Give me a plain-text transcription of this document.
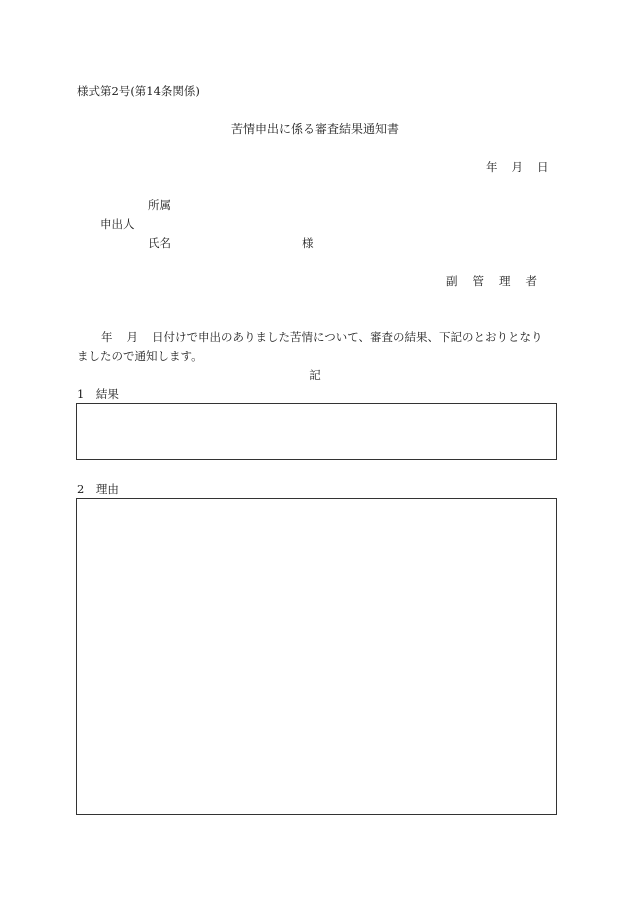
様式第2号(第14条関係)
苦情申出に係る審査結果通知書
年 月 日
所属
申出人
氏名	様
副管理者
年 月 日付けで申出のありました苦情について、審査の結果、下記のとおりとなり
ましたので通知します。
記
1　結果
2　理由
